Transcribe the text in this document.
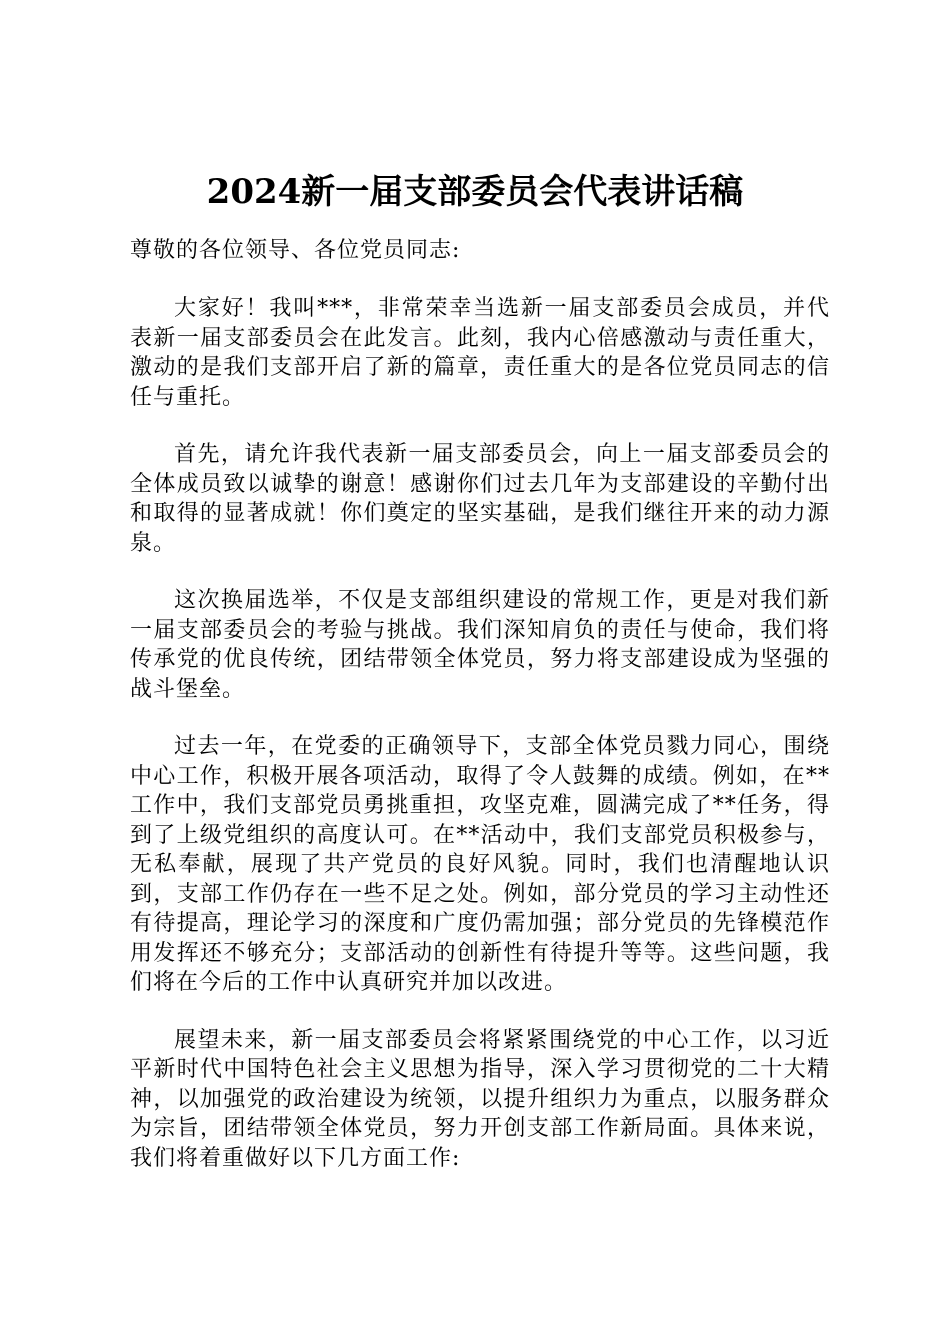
2024新一届支部委员会代表讲话稿

尊敬的各位领导、各位党员同志:

大家好！我叫***，非常荣幸当选新一届支部委员会成员，并代表新一届支部委员会在此发言。此刻，我内心倍感激动与责任重大，激动的是我们支部开启了新的篇章，责任重大的是各位党员同志的信任与重托。

首先，请允许我代表新一届支部委员会，向上一届支部委员会的全体成员致以诚挚的谢意！感谢你们过去几年为支部建设的辛勤付出和取得的显著成就！你们奠定的坚实基础，是我们继往开来的动力源泉。

这次换届选举，不仅是支部组织建设的常规工作，更是对我们新一届支部委员会的考验与挑战。我们深知肩负的责任与使命，我们将传承党的优良传统，团结带领全体党员，努力将支部建设成为坚强的战斗堡垒。

过去一年，在党委的正确领导下，支部全体党员戮力同心，围绕中心工作，积极开展各项活动，取得了令人鼓舞的成绩。例如，在**工作中，我们支部党员勇挑重担，攻坚克难，圆满完成了**任务，得到了上级党组织的高度认可。在**活动中，我们支部党员积极参与，无私奉献，展现了共产党员的良好风貌。同时，我们也清醒地认识到，支部工作仍存在一些不足之处。例如，部分党员的学习主动性还有待提高，理论学习的深度和广度仍需加强；部分党员的先锋模范作用发挥还不够充分；支部活动的创新性有待提升等等。这些问题，我们将在今后的工作中认真研究并加以改进。

展望未来，新一届支部委员会将紧紧围绕党的中心工作，以习近平新时代中国特色社会主义思想为指导，深入学习贯彻党的二十大精神，以加强党的政治建设为统领，以提升组织力为重点，以服务群众为宗旨，团结带领全体党员，努力开创支部工作新局面。具体来说，我们将着重做好以下几方面工作:
